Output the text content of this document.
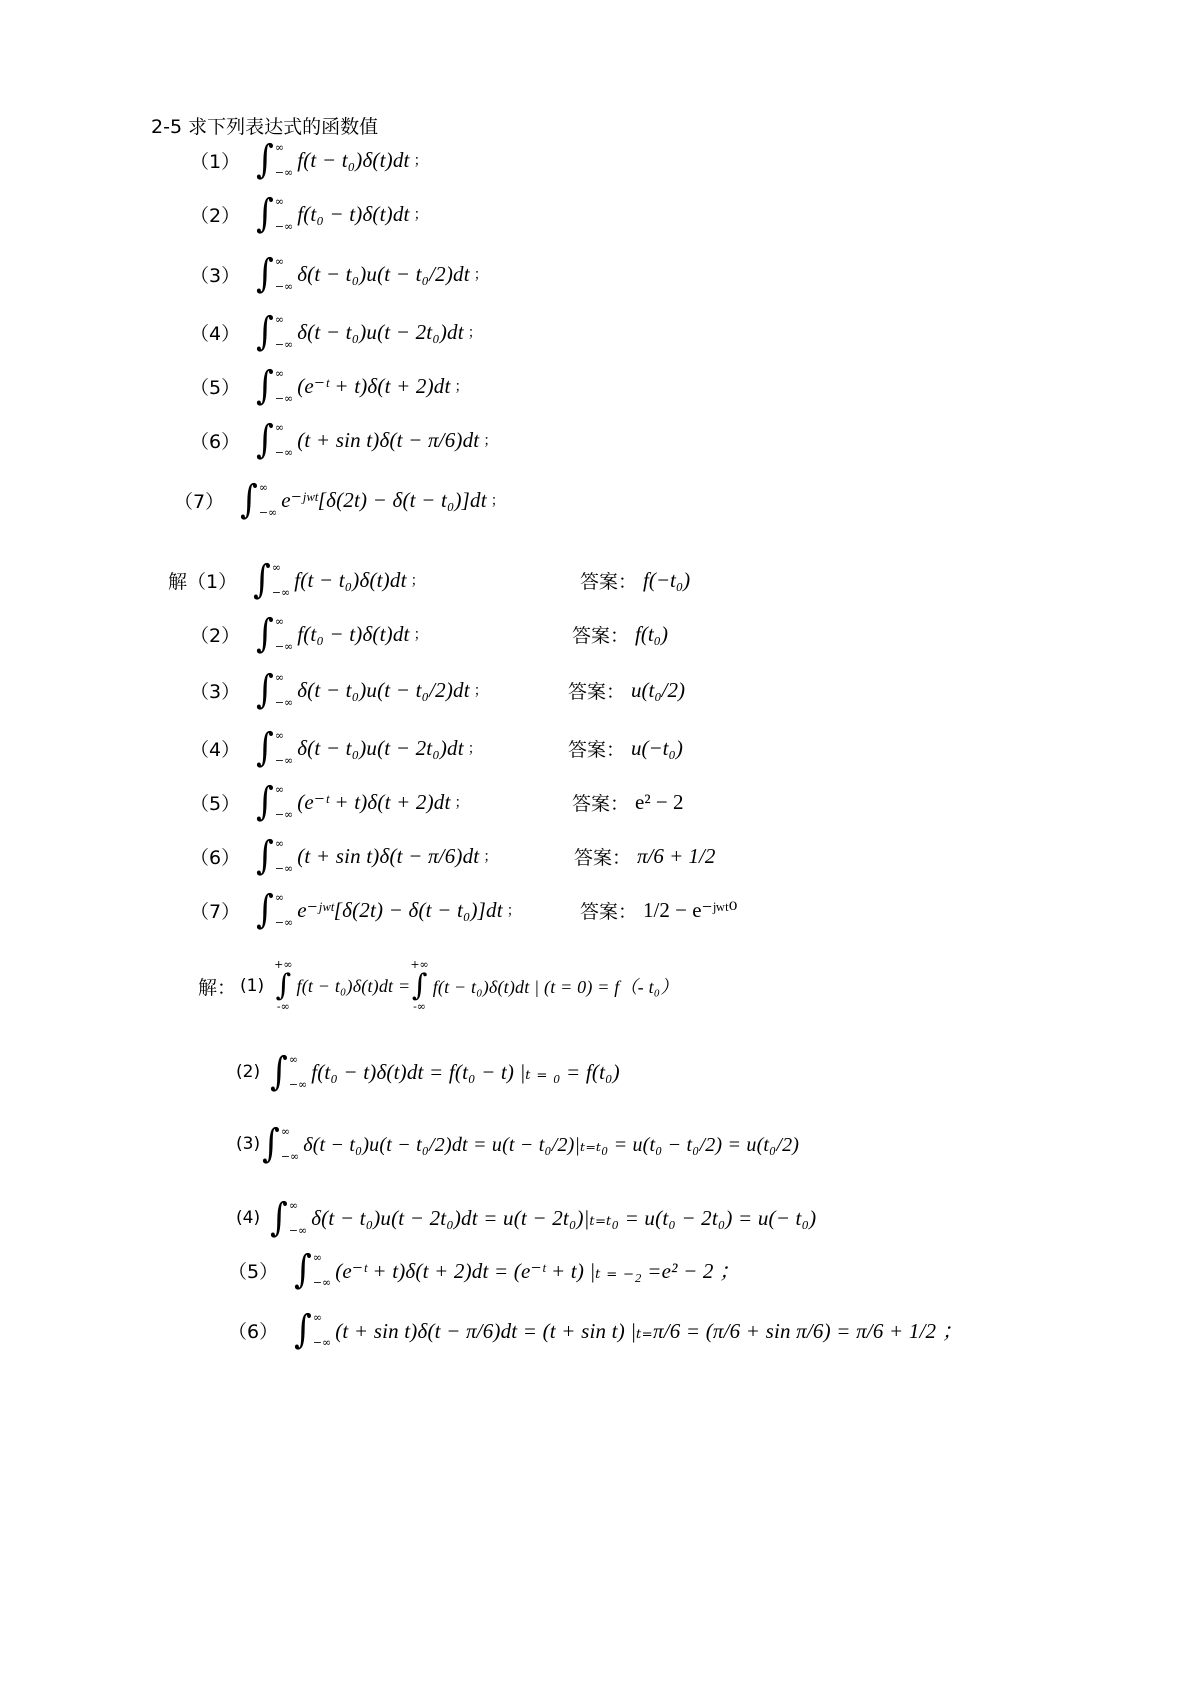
2-5 求下列表达式的函数值
（1） ∫ ∞
−∞
f(t − t₀)δ(t)dt ；
（2） ∫ ∞
−∞
f(t₀ − t)δ(t)dt ；
（3） ∫ ∞
−∞
δ(t − t₀)u(t − t₀/2)dt ；
（4） ∫ ∞
−∞
δ(t − t₀)u(t − 2t₀)dt ；
（5） ∫ ∞
−∞
(e⁻ᵗ + t)δ(t + 2)dt ；
（6） ∫ ∞
−∞
(t + sin t)δ(t − π/6)dt ；
（7） ∫ ∞
−∞
e⁻ʲʷᵗ[δ(2t) − δ(t − t₀)]dt ；
解 （1） ∫ ∞
−∞
f(t − t₀)δ(t)dt ；	答案： f(−t₀)
（2） ∫ ∞
−∞
f(t₀ − t)δ(t)dt ；	答案： f(t₀)
（3） ∫ ∞
−∞
δ(t − t₀)u(t − t₀/2)dt ；	答案： u(t₀/2)
（4） ∫ ∞
−∞
δ(t − t₀)u(t − 2t₀)dt ；	答案： u(−t₀)
（5） ∫ ∞
−∞
(e⁻ᵗ + t)δ(t + 2)dt ；	答案： e² − 2
（6） ∫ ∞
−∞
(t + sin t)δ(t − π/6)dt ；	答案： π/6 + 1/2
（7） ∫ ∞
−∞
e⁻ʲʷᵗ[δ(2t) − δ(t − t₀)]dt ；	答案： 1/2 − e⁻ʲʷᵗ⁰
解： (1)
+∞
∫
-∞
f(t − t₀)δ(t)dt =
+∞
∫
-∞
f(t − t₀)δ(t)dt | (t = 0) = f（- t₀）
(2) ∫ ∞
−∞
f(t₀ − t)δ(t)dt = f(t₀ − t) |ₜ ₌ ₀ = f(t₀)
(3) ∫ ∞
−∞
δ(t − t₀)u(t − t₀/2)dt = u(t − t₀/2)|ₜ₌ₜ₀ = u(t₀ − t₀/2) = u(t₀/2)
(4) ∫ ∞
−∞
δ(t − t₀)u(t − 2t₀)dt = u(t − 2t₀)|ₜ₌ₜ₀ = u(t₀ − 2t₀) = u(− t₀)
（5） ∫ ∞
−∞ (e⁻ᵗ + t)δ(t + 2)dt = (e⁻ᵗ + t) |ₜ ₌ ₋₂ =e² − 2 ；
（6） ∫ ∞
−∞ (t + sin t)δ(t − π/6)dt = (t + sin t) |ₜ₌π/6 = (π/6 + sin π/6) = π/6 + 1/2 ；
